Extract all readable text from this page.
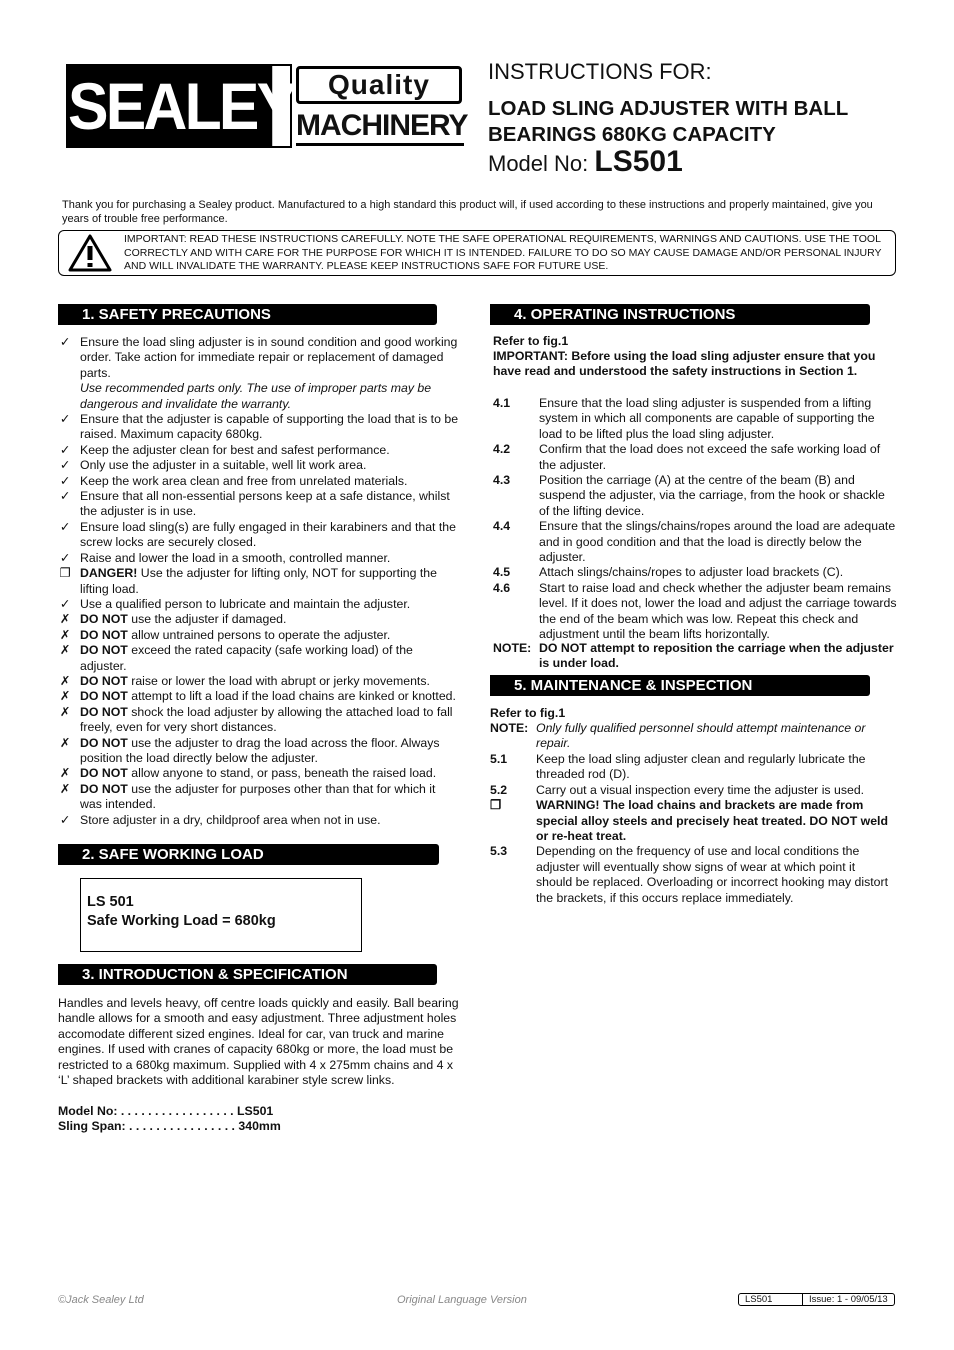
SEALEY	Quality
MACHINERY
INSTRUCTIONS FOR:
LOAD SLING ADJUSTER WITH BALL BEARINGS 680KG CAPACITY
Model No: LS501
Thank you for purchasing a Sealey product. Manufactured to a high standard this product will, if used according to these instructions and properly maintained, give you years of trouble free performance.
IMPORTANT: READ THESE INSTRUCTIONS CAREFULLY. NOTE THE SAFE OPERATIONAL REQUIREMENTS, WARNINGS AND CAUTIONS. USE THE TOOL CORRECTLY AND WITH CARE FOR THE PURPOSE FOR WHICH IT IS INTENDED. FAILURE TO DO SO MAY CAUSE DAMAGE AND/OR PERSONAL INJURY AND WILL INVALIDATE THE WARRANTY. PLEASE KEEP INSTRUCTIONS SAFE FOR FUTURE USE.
1. SAFETY PRECAUTIONS
✓ Ensure the load sling adjuster is in sound condition and good working order. Take action for immediate repair or replacement of damaged parts.
Use recommended parts only. The use of improper parts may be dangerous and invalidate the warranty.
✓ Ensure that the adjuster is capable of supporting the load that is to be raised. Maximum capacity 680kg.
✓ Keep the adjuster clean for best and safest performance.
✓ Only use the adjuster in a suitable, well lit work area.
✓ Keep the work area clean and free from unrelated materials.
✓ Ensure that all non-essential persons keep at a safe distance, whilst the adjuster is in use.
✓ Ensure load sling(s) are fully engaged in their karabiners and that the screw locks are securely closed.
✓ Raise and lower the load in a smooth, controlled manner.
❐ DANGER! Use the adjuster for lifting only, NOT for supporting the lifting load.
✓ Use a qualified person to lubricate and maintain the adjuster.
✗ DO NOT use the adjuster if damaged.
✗ DO NOT allow untrained persons to operate the adjuster.
✗ DO NOT exceed the rated capacity (safe working load) of the adjuster.
✗ DO NOT raise or lower the load with abrupt or jerky movements.
✗ DO NOT attempt to lift a load if the load chains are kinked or knotted.
✗ DO NOT shock the load adjuster by allowing the attached load to fall freely, even for very short distances.
✗ DO NOT use the adjuster to drag the load across the floor. Always position the load directly below the adjuster.
✗ DO NOT allow anyone to stand, or pass, beneath the raised load.
✗ DO NOT use the adjuster for purposes other than that for which it was intended.
✓ Store adjuster in a dry, childproof area when not in use.
2. SAFE WORKING LOAD
LS 501
Safe Working Load = 680kg
3. INTRODUCTION & SPECIFICATION
Handles and levels heavy, off centre loads quickly and easily. Ball bearing handle allows for a smooth and easy adjustment. Three adjustment holes accomodate different sized engines. Ideal for car, van truck and marine engines. If used with cranes of capacity 680kg or more, the load must be restricted to a 680kg maximum. Supplied with 4 x 275mm chains and 4 x ‘L’ shaped brackets with additional karabiner style screw links.
Model No: . . . . . . . . . . . . . . . . . LS501
Sling Span: . . . . . . . . . . . . . . . . 340mm
4. OPERATING INSTRUCTIONS
Refer to fig.1
IMPORTANT: Before using the load sling adjuster ensure that you have read and understood the safety instructions in Section 1.
4.1 Ensure that the load sling adjuster is suspended from a lifting system in which all components are capable of supporting the load to be lifted plus the load sling adjuster.
4.2 Confirm that the load does not exceed the safe working load of the adjuster.
4.3 Position the carriage (A) at the centre of the beam (B) and suspend the adjuster, via the carriage, from the hook or shackle of the lifting device.
4.4 Ensure that the slings/chains/ropes around the load are adequate and in good condition and that the load is directly below the adjuster.
4.5 Attach slings/chains/ropes to adjuster load brackets (C).
4.6 Start to raise load and check whether the adjuster beam remains level. If it does not, lower the load and adjust the carriage towards the end of the beam which was low. Repeat this check and adjustment until the beam lifts horizontally.
NOTE: DO NOT attempt to reposition the carriage when the adjuster is under load.
5. MAINTENANCE & INSPECTION
Refer to fig.1
NOTE: Only fully qualified personnel should attempt maintenance or repair.
5.1 Keep the load sling adjuster clean and regularly lubricate the threaded rod (D).
5.2 Carry out a visual inspection every time the adjuster is used.
❐	WARNING! The load chains and brackets are made from special alloy steels and precisely heat treated. DO NOT weld or re-heat treat.
5.3 Depending on the frequency of use and local conditions the adjuster will eventually show signs of wear at which point it should be replaced. Overloading or incorrect hooking may distort the brackets, if this occurs replace immediately.
©Jack Sealey Ltd	Original Language Version	LS501	Issue: 1 - 09/05/13
